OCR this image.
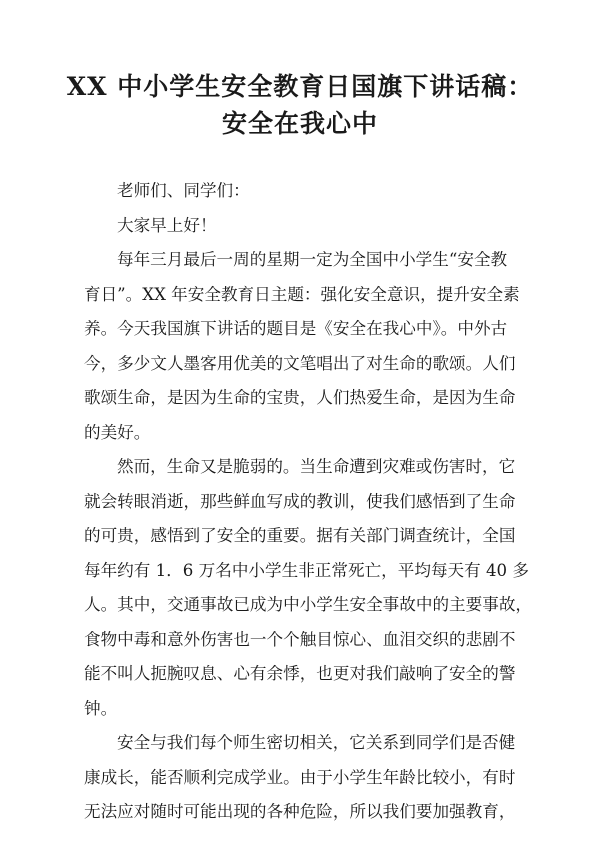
XX 中小学生安全教育日国旗下讲话稿：
安全在我心中
老师们、同学们：
大家早上好！
每年三月最后一周的星期一定为全国中小学生“安全教
育日”。XX 年安全教育日主题：强化安全意识，提升安全素
养。今天我国旗下讲话的题目是《安全在我心中》。中外古
今，多少文人墨客用优美的文笔唱出了对生命的歌颂。人们
歌颂生命，是因为生命的宝贵，人们热爱生命，是因为生命
的美好。
然而，生命又是脆弱的。当生命遭到灾难或伤害时，它
就会转眼消逝，那些鲜血写成的教训，使我们感悟到了生命
的可贵，感悟到了安全的重要。据有关部门调查统计，全国
每年约有 1．6 万名中小学生非正常死亡，平均每天有 40 多
人。其中，交通事故已成为中小学生安全事故中的主要事故，
食物中毒和意外伤害也一个个触目惊心、血泪交织的悲剧不
能不叫人扼腕叹息、心有余悸，也更对我们敲响了安全的警
钟。
安全与我们每个师生密切相关，它关系到同学们是否健
康成长，能否顺利完成学业。由于小学生年龄比较小，有时
无法应对随时可能出现的各种危险，所以我们要加强教育，
